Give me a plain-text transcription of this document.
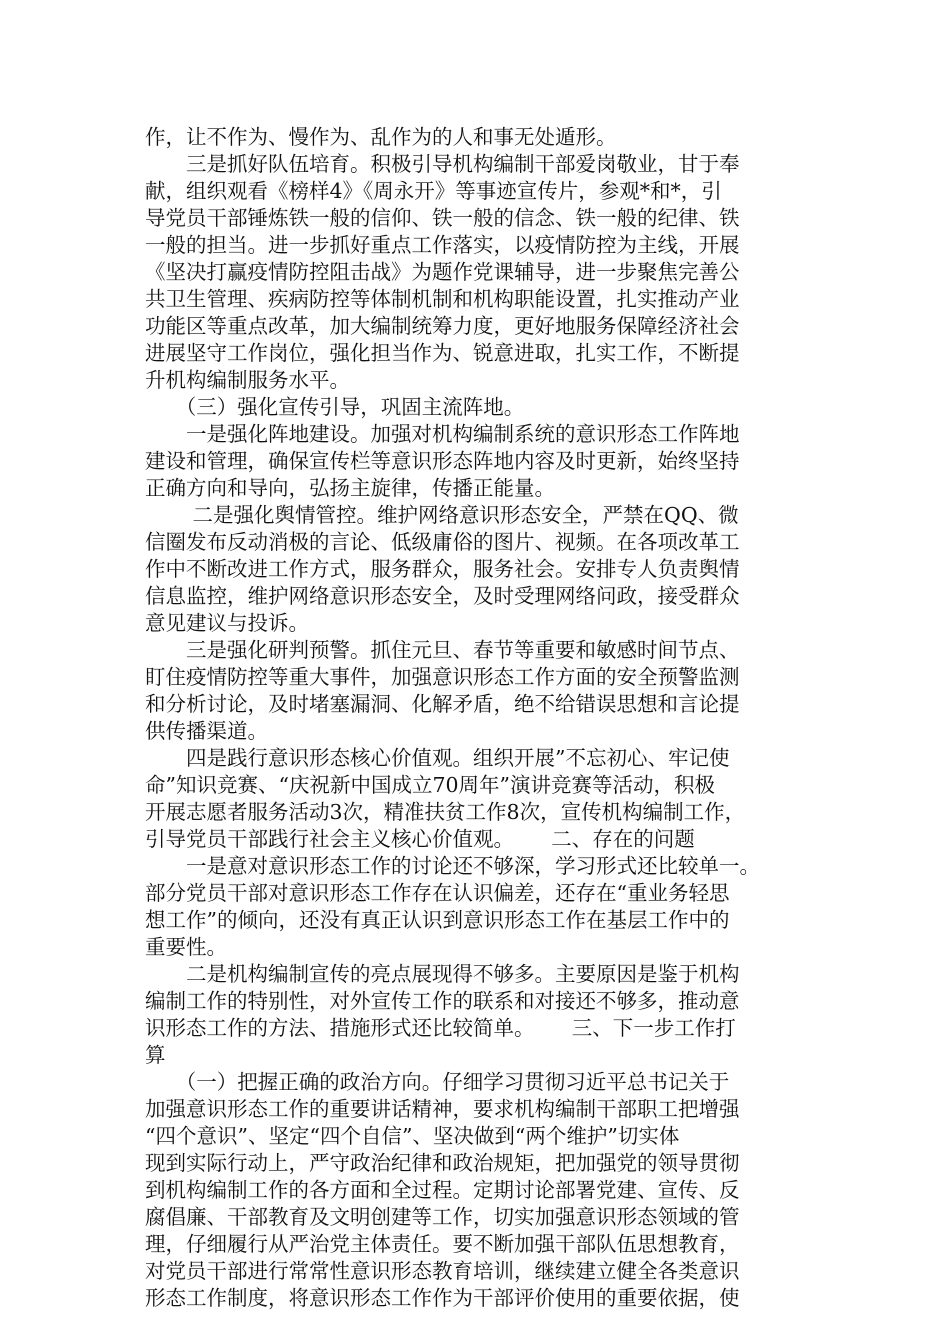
作，让不作为、慢作为、乱作为的人和事无处遁形。
　　三是抓好队伍培育。积极引导机构编制干部爱岗敬业，甘于奉
献，组织观看《榜样4》《周永开》等事迹宣传片，参观*和*，引
导党员干部锤炼铁一般的信仰、铁一般的信念、铁一般的纪律、铁
一般的担当。进一步抓好重点工作落实，以疫情防控为主线，开展
《坚决打赢疫情防控阻击战》为题作党课辅导，进一步聚焦完善公
共卫生管理、疾病防控等体制机制和机构职能设置，扎实推动产业
功能区等重点改革，加大编制统筹力度，更好地服务保障经济社会
进展坚守工作岗位，强化担当作为、锐意进取，扎实工作，不断提
升机构编制服务水平。
　　（三）强化宣传引导，巩固主流阵地。
　　一是强化阵地建设。加强对机构编制系统的意识形态工作阵地
建设和管理，确保宣传栏等意识形态阵地内容及时更新，始终坚持
正确方向和导向，弘扬主旋律，传播正能量。
　　 二是强化舆情管控。维护网络意识形态安全，严禁在QQ、微
信圈发布反动消极的言论、低级庸俗的图片、视频。在各项改革工
作中不断改进工作方式，服务群众，服务社会。安排专人负责舆情
信息监控，维护网络意识形态安全，及时受理网络问政，接受群众
意见建议与投诉。
　　三是强化研判预警。抓住元旦、春节等重要和敏感时间节点、
盯住疫情防控等重大事件，加强意识形态工作方面的安全预警监测
和分析讨论，及时堵塞漏洞、化解矛盾，绝不给错误思想和言论提
供传播渠道。
　　四是践行意识形态核心价值观。组织开展”不忘初心、牢记使
命”知识竞赛、“庆祝新中国成立70周年”演讲竞赛等活动，积极
开展志愿者服务活动3次，精准扶贫工作8次，宣传机构编制工作，
引导党员干部践行社会主义核心价值观。　　 二、存在的问题
　　一是意对意识形态工作的讨论还不够深，学习形式还比较单一。
部分党员干部对意识形态工作存在认识偏差，还存在“重业务轻思
想工作”的倾向，还没有真正认识到意识形态工作在基层工作中的
重要性。
　　二是机构编制宣传的亮点展现得不够多。主要原因是鉴于机构
编制工作的特别性，对外宣传工作的联系和对接还不够多，推动意
识形态工作的方法、措施形式还比较简单。　　 三、下一步工作打
算
　　（一）把握正确的政治方向。仔细学习贯彻习近平总书记关于
加强意识形态工作的重要讲话精神，要求机构编制干部职工把增强
“四个意识”、坚定“四个自信”、坚决做到“两个维护”切实体
现到实际行动上，严守政治纪律和政治规矩，把加强党的领导贯彻
到机构编制工作的各方面和全过程。定期讨论部署党建、宣传、反
腐倡廉、干部教育及文明创建等工作，切实加强意识形态领域的管
理，仔细履行从严治党主体责任。要不断加强干部队伍思想教育，
对党员干部进行常常性意识形态教育培训，继续建立健全各类意识
形态工作制度，将意识形态工作作为干部评价使用的重要依据，使
